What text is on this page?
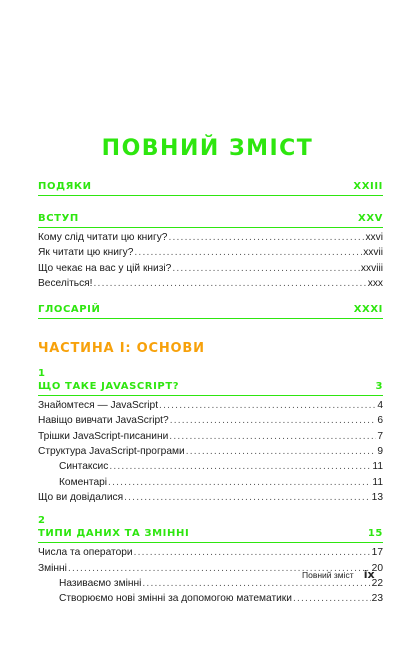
ПОВНИЙ ЗМІСТ
ПОДЯКИ	XXIII
ВСТУП	XXV
Кому слід читати цю книгу? .....	xxvi
Як читати цю книгу? .....	xxvii
Що чекає на вас у цій книзі? .....	xxviii
Веселіться! .....	xxx
ГЛОСАРІЙ	XXXI
ЧАСТИНА I: ОСНОВИ
1
ЩО ТАКЕ JAVASCRIPT?	3
Знайомтеся — JavaScript .....	4
Навіщо вивчати JavaScript? .....	6
Трішки JavaScript-писанини .....	7
Структура JavaScript-програми .....	9
Синтаксис .....	11
Коментарі .....	11
Що ви довідалися .....	13
2
ТИПИ ДАНИХ ТА ЗМІННІ	15
Числа та оператори .....	17
Змінні .....	20
Називаємо змінні .....	22
Створюємо нові змінні за допомогою математики .....	23
Повний зміст ix
